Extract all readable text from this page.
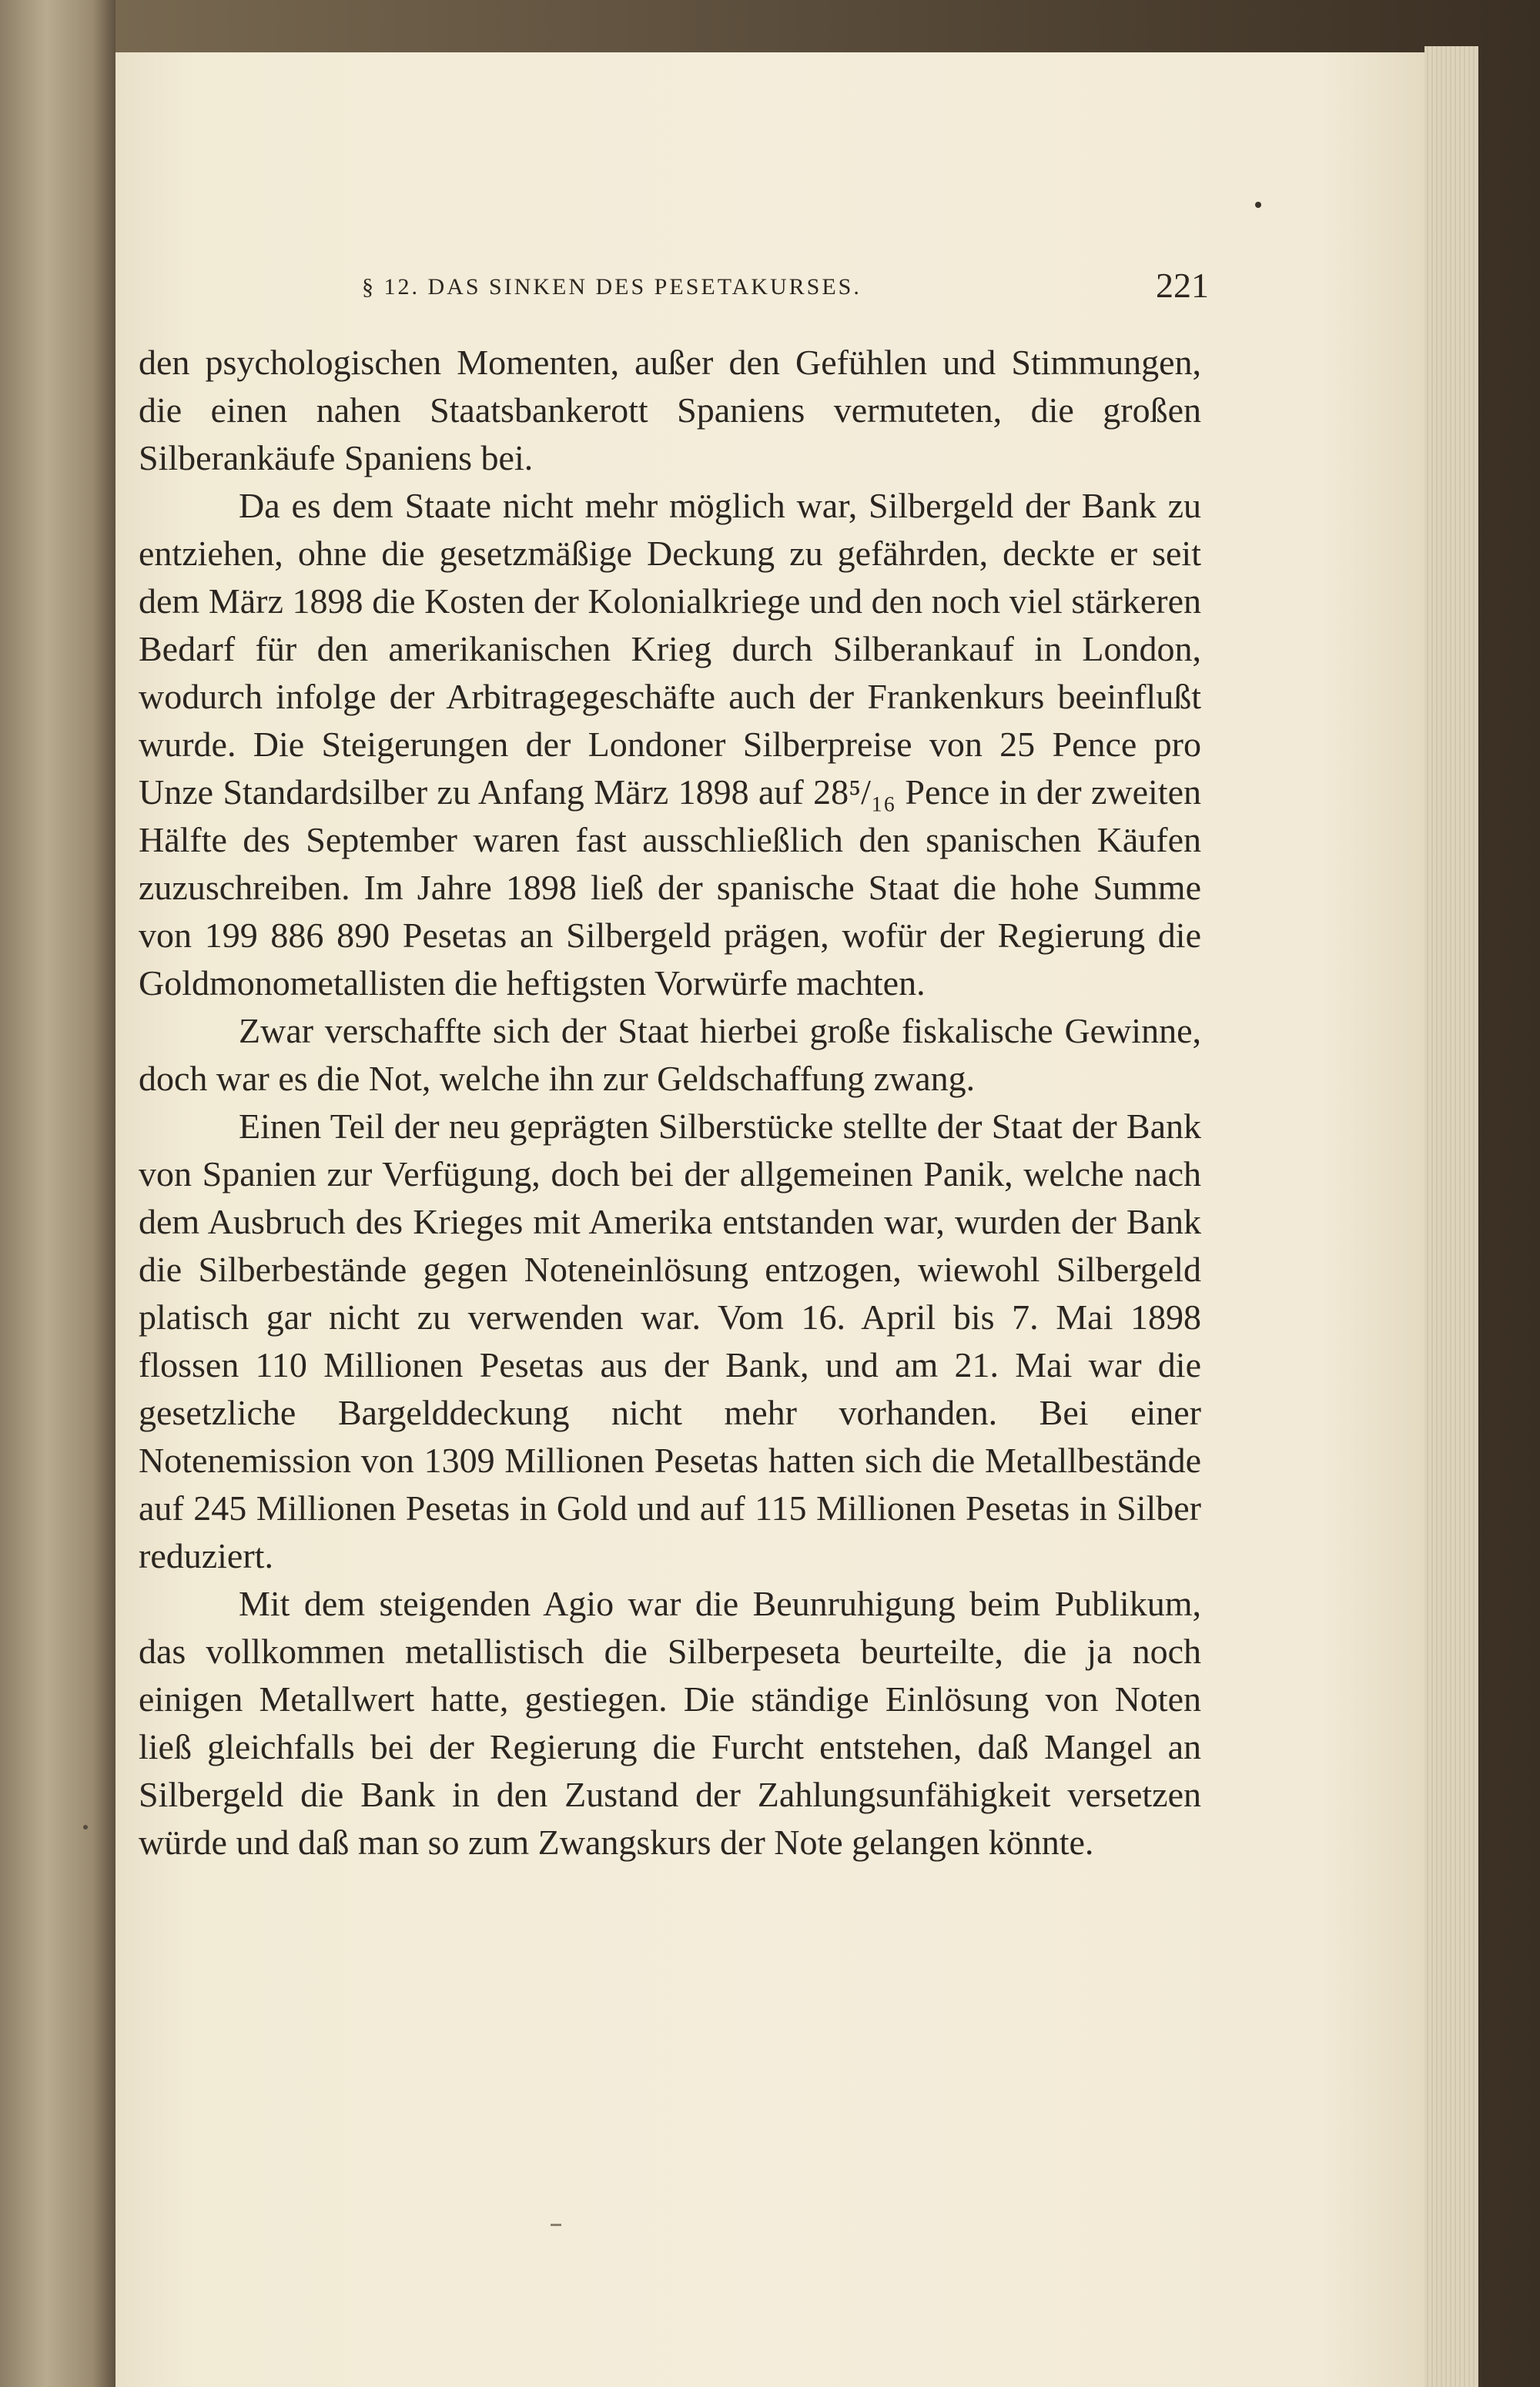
§ 12. DAS SINKEN DES PESETAKURSES.	221

den psychologischen Momenten, außer den Gefühlen und Stimmungen, die einen nahen Staatsbankerott Spaniens vermuteten, die großen Silberankäufe Spaniens bei.

Da es dem Staate nicht mehr möglich war, Silbergeld der Bank zu entziehen, ohne die gesetzmäßige Deckung zu gefährden, deckte er seit dem März 1898 die Kosten der Kolonialkriege und den noch viel stärkeren Bedarf für den amerikanischen Krieg durch Silberankauf in London, wodurch infolge der Arbitragegeschäfte auch der Frankenkurs beeinflußt wurde. Die Steigerungen der Londoner Silberpreise von 25 Pence pro Unze Standardsilber zu Anfang März 1898 auf 28⁵/₁₆ Pence in der zweiten Hälfte des September waren fast ausschließlich den spanischen Käufen zuzuschreiben. Im Jahre 1898 ließ der spanische Staat die hohe Summe von 199 886 890 Pesetas an Silbergeld prägen, wofür der Regierung die Goldmonometallisten die heftigsten Vorwürfe machten.

Zwar verschaffte sich der Staat hierbei große fiskalische Gewinne, doch war es die Not, welche ihn zur Geldschaffung zwang.

Einen Teil der neu geprägten Silberstücke stellte der Staat der Bank von Spanien zur Verfügung, doch bei der allgemeinen Panik, welche nach dem Ausbruch des Krieges mit Amerika entstanden war, wurden der Bank die Silberbestände gegen Noteneinlösung entzogen, wiewohl Silbergeld platisch gar nicht zu verwenden war. Vom 16. April bis 7. Mai 1898 flossen 110 Millionen Pesetas aus der Bank, und am 21. Mai war die gesetzliche Bargelddeckung nicht mehr vorhanden. Bei einer Notenemission von 1309 Millionen Pesetas hatten sich die Metallbestände auf 245 Millionen Pesetas in Gold und auf 115 Millionen Pesetas in Silber reduziert.

Mit dem steigenden Agio war die Beunruhigung beim Publikum, das vollkommen metallistisch die Silberpeseta beurteilte, die ja noch einigen Metallwert hatte, gestiegen. Die ständige Einlösung von Noten ließ gleichfalls bei der Regierung die Furcht entstehen, daß Mangel an Silbergeld die Bank in den Zustand der Zahlungsunfähigkeit versetzen würde und daß man so zum Zwangskurs der Note gelangen könnte.
